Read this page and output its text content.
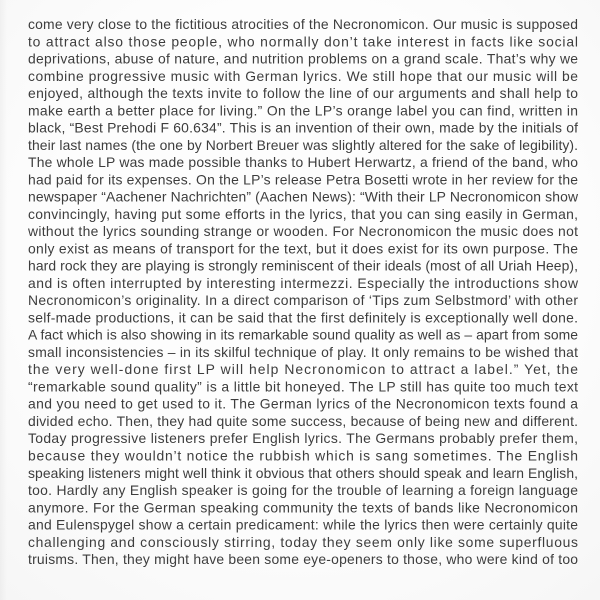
come very close to the fictitious atrocities of the Necronomicon. Our music is supposed
to attract also those people, who normally don’t take interest in facts like social
deprivations, abuse of nature, and nutrition problems on a grand scale. That’s why we
combine progressive music with German lyrics. We still hope that our music will be
enjoyed, although the texts invite to follow the line of our arguments and shall help to
make earth a better place for living.” On the LP’s orange label you can find, written in
black, “Best Prehodi F 60.634”. This is an invention of their own, made by the initials of
their last names (the one by Norbert Breuer was slightly altered for the sake of legibility).
The whole LP was made possible thanks to Hubert Herwartz, a friend of the band, who
had paid for its expenses. On the LP’s release Petra Bosetti wrote in her review for the
newspaper “Aachener Nachrichten” (Aachen News): “With their LP Necronomicon show
convincingly, having put some efforts in the lyrics, that you can sing easily in German,
without the lyrics sounding strange or wooden. For Necronomicon the music does not
only exist as means of transport for the text, but it does exist for its own purpose. The
hard rock they are playing is strongly reminiscent of their ideals (most of all Uriah Heep),
and is often interrupted by interesting intermezzi. Especially the introductions show
Necronomicon’s originality. In a direct comparison of ‘Tips zum Selbstmord’ with other
self-made productions, it can be said that the first definitely is exceptionally well done.
A fact which is also showing in its remarkable sound quality as well as – apart from some
small inconsistencies – in its skilful technique of play. It only remains to be wished that
the very well-done first LP will help Necronomicon to attract a label.” Yet, the
“remarkable sound quality” is a little bit honeyed. The LP still has quite too much text
and you need to get used to it. The German lyrics of the Necronomicon texts found a
divided echo. Then, they had quite some success, because of being new and different.
Today progressive listeners prefer English lyrics. The Germans probably prefer them,
because they wouldn’t notice the rubbish which is sang sometimes. The English
speaking listeners might well think it obvious that others should speak and learn English,
too. Hardly any English speaker is going for the trouble of learning a foreign language
anymore. For the German speaking community the texts of bands like Necronomicon
and Eulenspygel show a certain predicament: while the lyrics then were certainly quite
challenging and consciously stirring, today they seem only like some superfluous
truisms. Then, they might have been some eye-openers to those, who were kind of too
